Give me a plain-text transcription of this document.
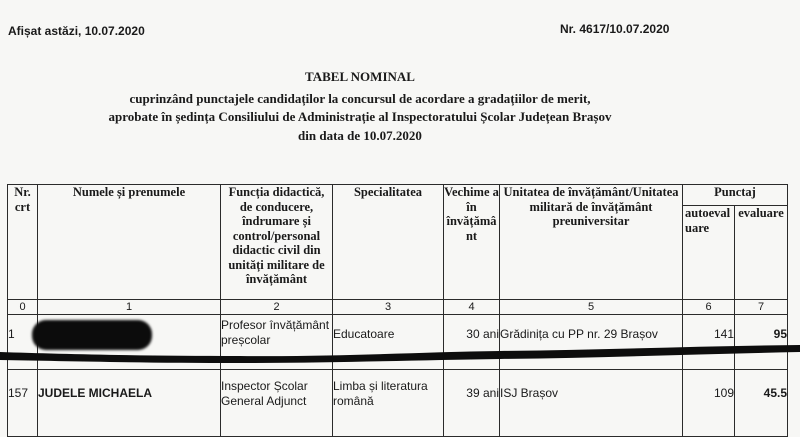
Afișat astăzi, 10.07.2020	Nr. 4617/10.07.2020
TABEL NOMINAL
cuprinzând punctajele candidaților la concursul de acordare a gradațiilor de merit,
aprobate în ședința Consiliului de Administrație al Inspectoratului Școlar Județean Brașov
din data de 10.07.2020
Nr. crt	Numele și prenumele	Funcția didactică, de conducere, îndrumare și control/personal didactic civil din unități militare de învățământ	Specialitatea	Vechime a în învățămâ nt	Unitatea de învățământ/Unitatea militară de învățământ preuniversitar	Punctaj	
						autoeval uare	evaluare
0	1	2	3	4	5	6	7
1		Profesor învățământ preșcolar	Educatoare	30 ani	Grădinița cu PP nr. 29 Brașov	141	95
157	JUDELE MICHAELA	Inspector Școlar General Adjunct	Limba și literatura română	39 ani	ISJ Brașov	109	45.5
